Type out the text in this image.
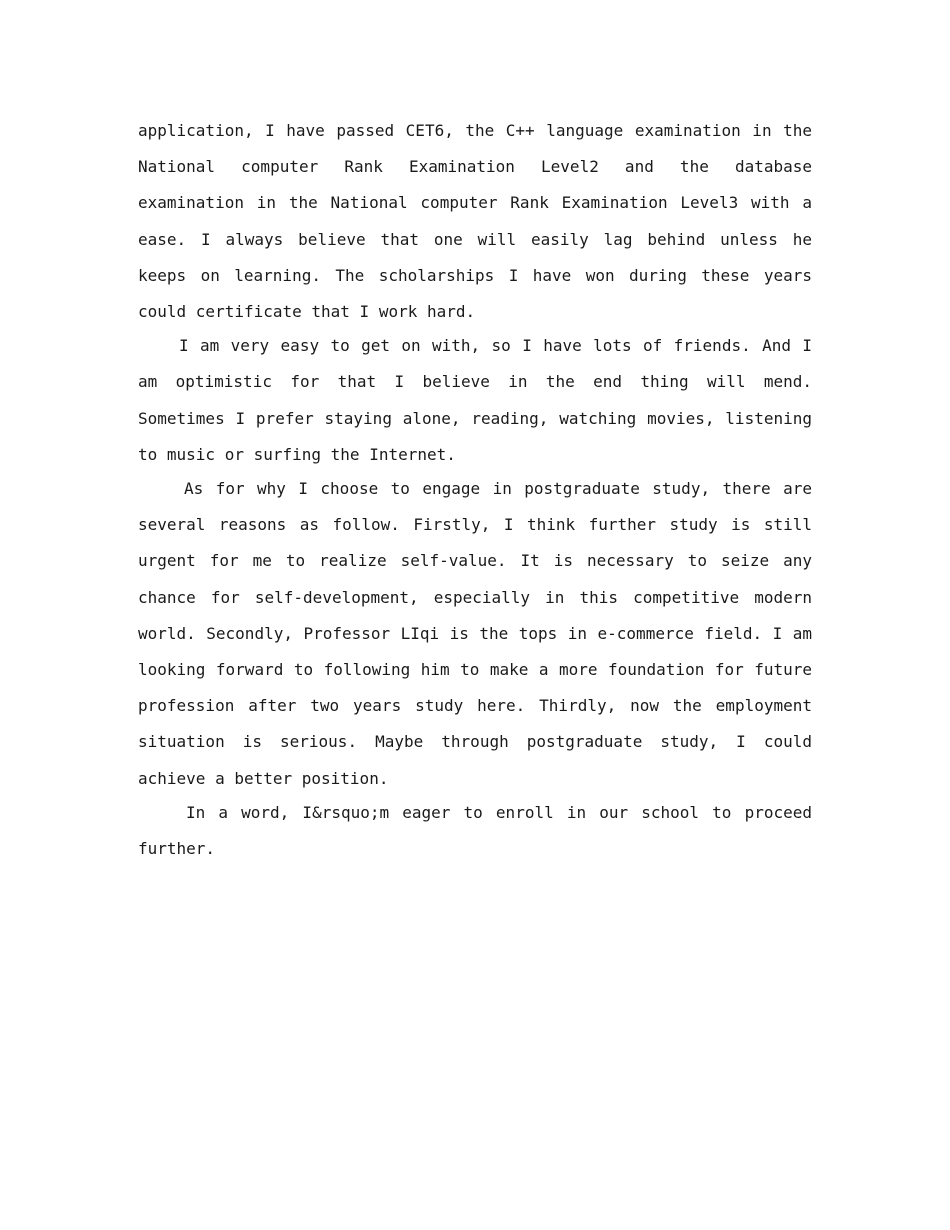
application, I have passed CET6, the C++ language examination in the National computer Rank Examination Level2 and the database examination in the National computer Rank Examination Level3 with a ease. I always believe that one will easily lag behind unless he keeps on learning. The scholarships I have won during these years could certificate that I work hard.

I am very easy to get on with, so I have lots of friends. And I am optimistic for that I believe in the end thing will mend. Sometimes I prefer staying alone, reading, watching movies, listening to music or surfing the Internet.

As for why I choose to engage in postgraduate study, there are several reasons as follow. Firstly, I think further study is still urgent for me to realize self-value. It is necessary to seize any chance for self-development, especially in this competitive modern world. Secondly, Professor LIqi is the tops in e-commerce field. I am looking forward to following him to make a more foundation for future profession after two years study here. Thirdly, now the employment situation is serious. Maybe through postgraduate study, I could achieve a better position.

In a word, I&rsquo;m eager to enroll in our school to proceed further.
